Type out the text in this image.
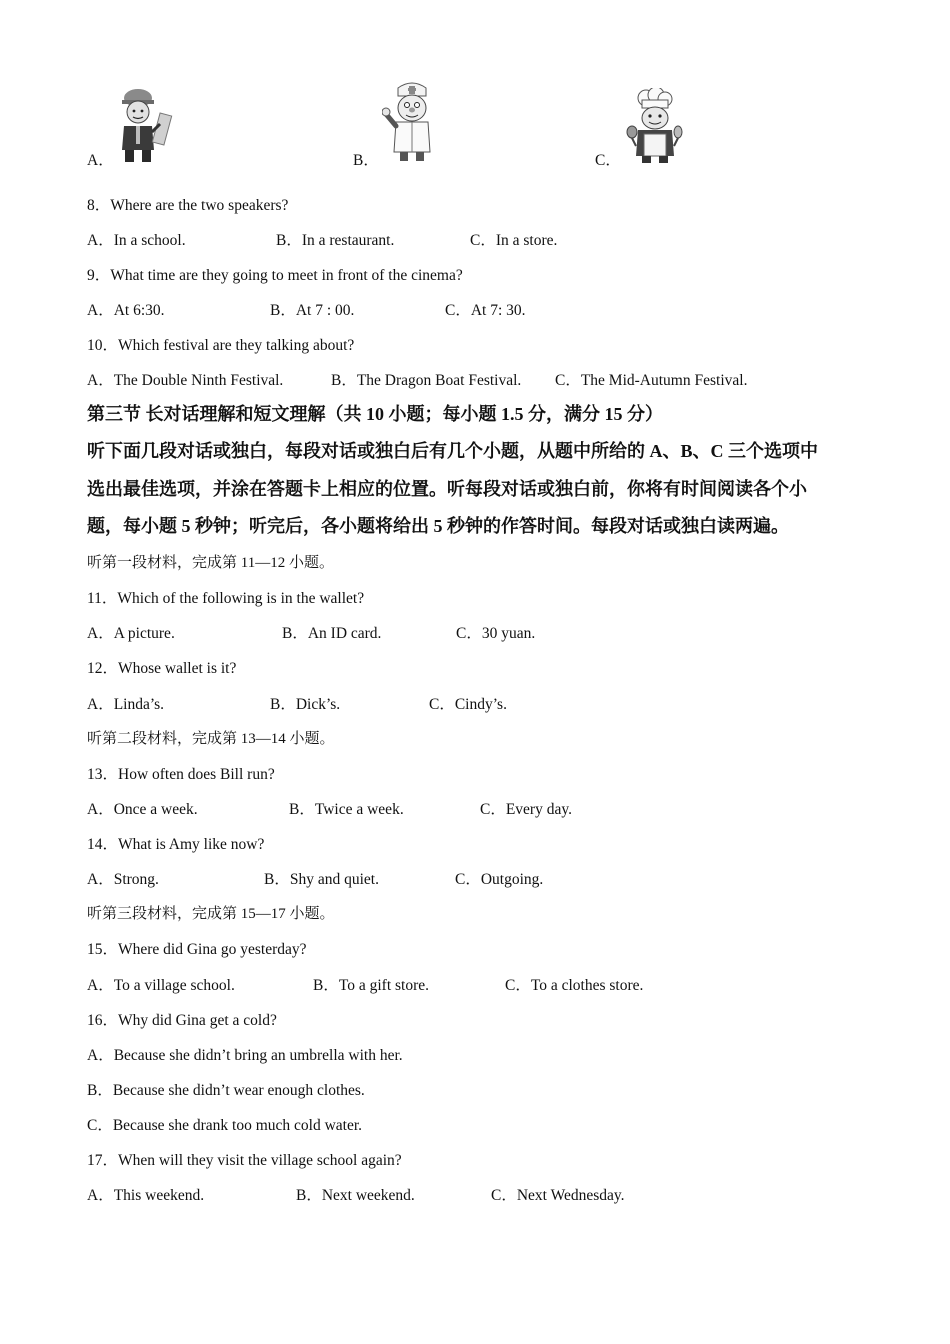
A．	B．	C．
8．Where are the two speakers?
A．In a school.	B．In a restaurant.	C．In a store.
9．What time are they going to meet in front of the cinema?
A．At 6:30.	B．At 7 : 00.	C．At 7: 30.
10．Which festival are they talking about?
A．The Double Ninth Festival.	B．The Dragon Boat Festival. C．The Mid-Autumn Festival.
第三节 长对话理解和短文理解（共 10 小题；每小题 1.5 分，满分 15 分）
听下面几段对话或独白，每段对话或独白后有几个小题，从题中所给的 A、B、C 三个选项中
选出最佳选项，并涂在答题卡上相应的位置。听每段对话或独白前，你将有时间阅读各个小
题，每小题 5 秒钟；听完后，各小题将给出 5 秒钟的作答时间。每段对话或独白读两遍。
听第一段材料，完成第 11—12 小题。
11．Which of the following is in the wallet?
A．A picture.	B．An ID card.	C．30 yuan.
12．Whose wallet is it?
A．Linda’s.	B．Dick’s.	C．Cindy’s.
听第二段材料，完成第 13—14 小题。
13．How often does Bill run?
A．Once a week.	B．Twice a week.	C．Every day.
14．What is Amy like now?
A．Strong.	B．Shy and quiet.	C．Outgoing.
听第三段材料，完成第 15—17 小题。
15．Where did Gina go yesterday?
A．To a village school.	B．To a gift store.	C．To a clothes store.
16．Why did Gina get a cold?
A．Because she didn’t bring an umbrella with her.
B．Because she didn’t wear enough clothes.
C．Because she drank too much cold water.
17．When will they visit the village school again?
A．This weekend.	B．Next weekend.	C．Next Wednesday.
